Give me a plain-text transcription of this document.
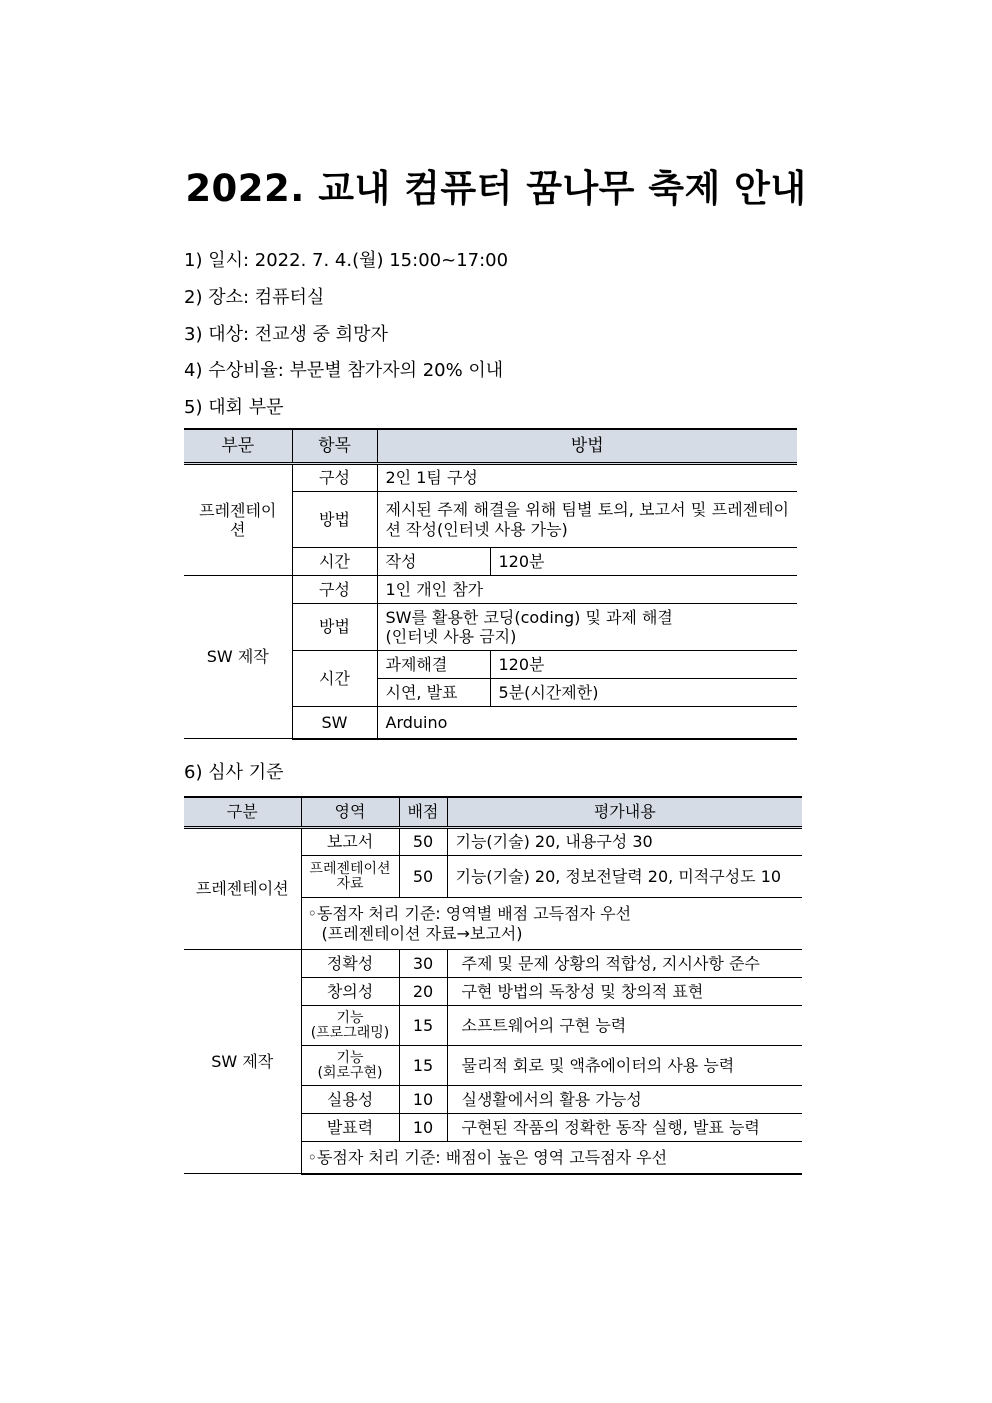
2022. 교내 컴퓨터 꿈나무 축제 안내
1) 일시: 2022. 7. 4.(월) 15:00~17:00
2) 장소: 컴퓨터실
3) 대상: 전교생 중 희망자
4) 수상비율: 부문별 참가자의 20% 이내
5) 대회 부문
부문	항목	방법	
프레젠테이션	구성	2인 1팀 구성	
	방법	제시된 주제 해결을 위해 팀별 토의, 보고서 및 프레젠테이션 작성(인터넷 사용 가능)	
	시간	작성	120분
SW 제작	구성	1인 개인 참가	
	방법	SW를 활용한 코딩(coding) 및 과제 해결
(인터넷 사용 금지)	

	시간	과제해결	120분
		시연, 발표	5분(시간제한)
	SW	Arduino	
6) 심사 기준
구분	영역	배점	평가내용
프레젠테이션	보고서	50	기능(기술) 20, 내용구성 30

	프레젠테이션
자료	50	기능(기술) 20, 정보전달력 20, 미적구성도 10

	◦동점자 처리 기준: 영역별 배점 고득점자 우선
(프레젠테이션 자료→보고서)		

SW 제작	정확성	30	주제 및 문제 상황의 적합성, 지시사항 준수
	창의성	20	구현 방법의 독창성 및 창의적 표현

	기능
(프로그래밍)	15	소프트웨어의 구현 능력

	기능
(회로구현)	15	물리적 회로 및 액츄에이터의 사용 능력
	실용성	10	실생활에서의 활용 가능성
	발표력	10	구현된 작품의 정확한 동작 실행, 발표 능력
	◦동점자 처리 기준: 배점이 높은 영역 고득점자 우선		
